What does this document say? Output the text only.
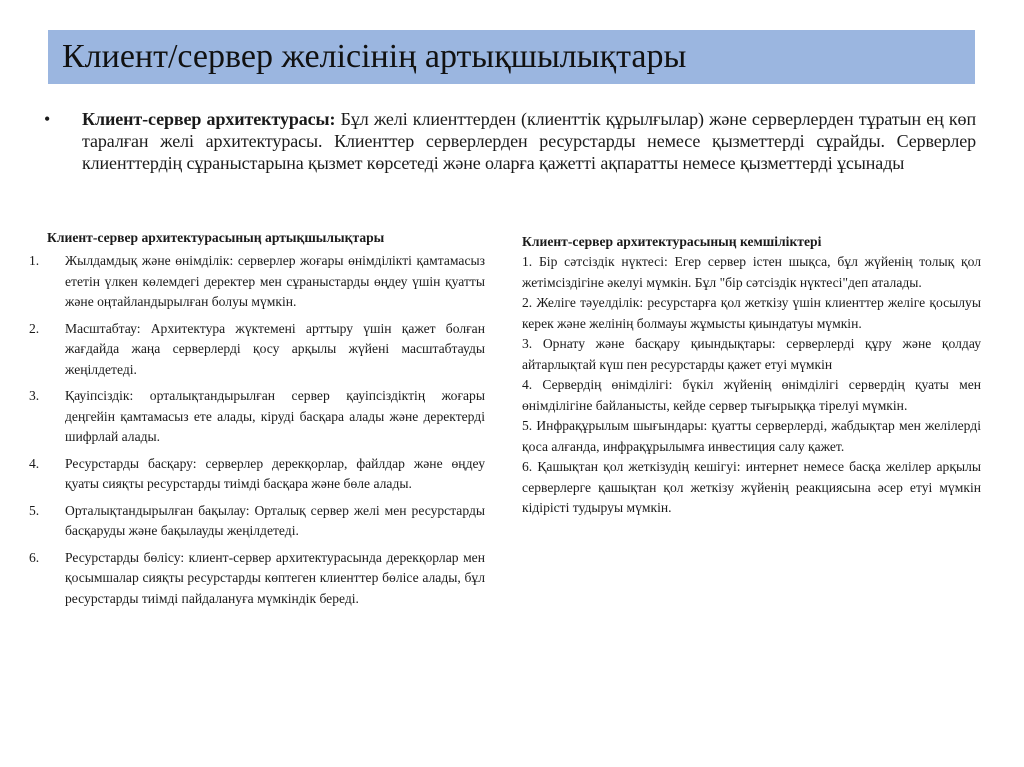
Клиент/сервер желісінің артықшылықтары
• Клиент-сервер архитектурасы: Бұл желі клиенттерден (клиенттік құрылғылар) және серверлерден тұратын ең көп таралған желі архитектурасы. Клиенттер серверлерден ресурстарды немесе қызметтерді сұрайды. Серверлер клиенттердің сұраныстарына қызмет көрсетеді және оларға қажетті ақпаратты немесе қызметтерді ұсынады
Клиент-сервер архитектурасының артықшылықтары
1.	Жылдамдық және өнімділік: серверлер жоғары өнімділікті қамтамасыз ететін үлкен көлемдегі деректер мен сұраныстарды өңдеу үшін қуатты және оңтайландырылған болуы мүмкін.
2.	Масштабтау: Архитектура жүктемені арттыру үшін қажет болған жағдайда жаңа серверлерді қосу арқылы жүйені масштабтауды жеңілдетеді.
3.	Қауіпсіздік: орталықтандырылған сервер қауіпсіздіктің жоғары деңгейін қамтамасыз ете алады, кіруді басқара алады және деректерді шифрлай алады.
4.	Ресурстарды басқару: серверлер дерекқорлар, файлдар және өңдеу қуаты сияқты ресурстарды тиімді басқара және бөле алады.
5.	Орталықтандырылған бақылау: Орталық сервер желі мен ресурстарды басқаруды және бақылауды жеңілдетеді.
6.	Ресурстарды бөлісу: клиент-сервер архитектурасында дерекқорлар мен қосымшалар сияқты ресурстарды көптеген клиенттер бөлісе алады, бұл ресурстарды тиімді пайдалануға мүмкіндік береді.
Клиент-сервер архитектурасының кемшіліктері

1. Бір сәтсіздік нүктесі: Егер сервер істен шықса, бұл жүйенің толық қол жетімсіздігіне әкелуі мүмкін. Бұл "бір сәтсіздік нүктесі"деп аталады.

2. Желіге тәуелділік: ресурстарға қол жеткізу үшін клиенттер желіге қосылуы керек және желінің болмауы жұмысты қиындатуы мүмкін.

3. Орнату және басқару қиындықтары: серверлерді құру және қолдау айтарлықтай күш пен ресурстарды қажет етуі мүмкін

4. Сервердің өнімділігі: бүкіл жүйенің өнімділігі сервердің қуаты мен өнімділігіне байланысты, кейде сервер тығырыққа тірелуі мүмкін.

5. Инфрақұрылым шығындары: қуатты серверлерді, жабдықтар мен желілерді қоса алғанда, инфрақұрылымға инвестиция салу қажет.

6. Қашықтан қол жеткізудің кешігуі: интернет немесе басқа желілер арқылы серверлерге қашықтан қол жеткізу жүйенің реакциясына әсер етуі мүмкін кідірісті тудыруы мүмкін.
